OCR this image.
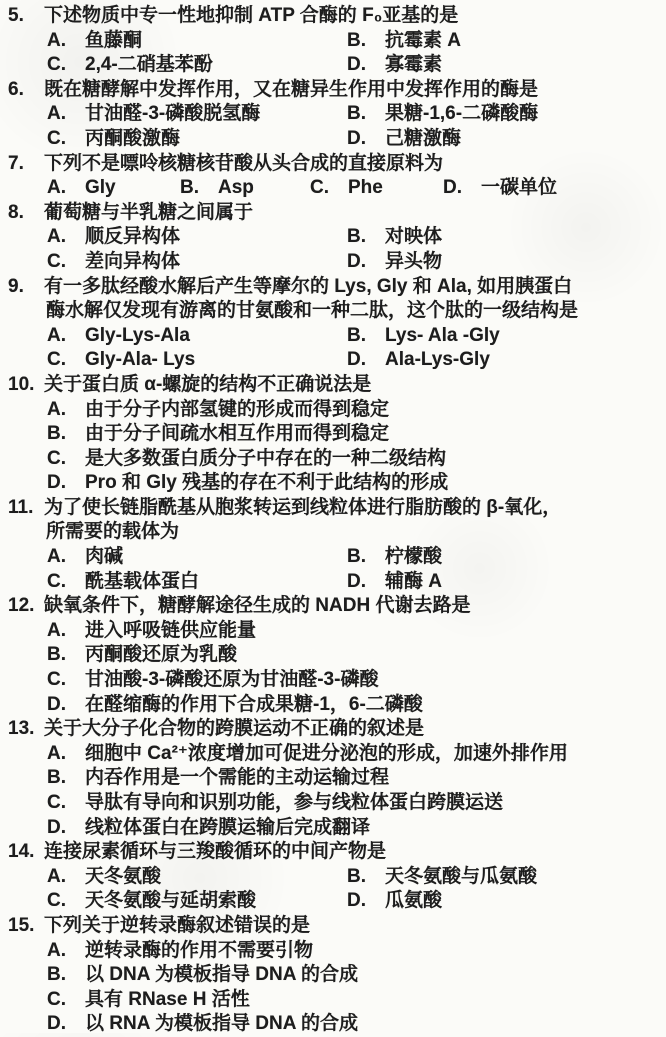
5.	下述物质中专一性地抑制 ATP 合酶的 F₀亚基的是
A.	鱼藤酮	B.	抗霉素 A
C.	2,4-二硝基苯酚	D.	寡霉素
6.	既在糖酵解中发挥作用，又在糖异生作用中发挥作用的酶是
A.	甘油醛-3-磷酸脱氢酶	B.	果糖-1,6-二磷酸酶
C.	丙酮酸激酶	D.	己糖激酶
7.	下列不是嘌呤核糖核苷酸从头合成的直接原料为
A.	Gly	B.	Asp	C.	Phe	D.	一碳单位
8.	葡萄糖与半乳糖之间属于
A.	顺反异构体	B.	对映体
C.	差向异构体	D.	异头物
9.	有一多肽经酸水解后产生等摩尔的 Lys, Gly 和 Ala, 如用胰蛋白
酶水解仅发现有游离的甘氨酸和一种二肽，这个肽的一级结构是
A.	Gly-Lys-Ala	B.	Lys- Ala -Gly
C.	Gly-Ala- Lys	D.	Ala-Lys-Gly
10. 关于蛋白质 α-螺旋的结构不正确说法是
A.	由于分子内部氢键的形成而得到稳定
B.	由于分子间疏水相互作用而得到稳定
C.	是大多数蛋白质分子中存在的一种二级结构
D.	Pro 和 Gly 残基的存在不利于此结构的形成
11. 为了使长链脂酰基从胞浆转运到线粒体进行脂肪酸的 β-氧化，
所需要的载体为
A.	肉碱	B.	柠檬酸
C.	酰基载体蛋白	D.	辅酶 A
12. 缺氧条件下，糖酵解途径生成的 NADH 代谢去路是
A.	进入呼吸链供应能量
B.	丙酮酸还原为乳酸
C.	甘油酸-3-磷酸还原为甘油醛-3-磷酸
D.	在醛缩酶的作用下合成果糖-1，6-二磷酸
13. 关于大分子化合物的跨膜运动不正确的叙述是
A.	细胞中 Ca²⁺浓度增加可促进分泌泡的形成，加速外排作用
B.	内吞作用是一个需能的主动运输过程
C.	导肽有导向和识别功能，参与线粒体蛋白跨膜运送
D.	线粒体蛋白在跨膜运输后完成翻译
14. 连接尿素循环与三羧酸循环的中间产物是
A.	天冬氨酸	B.	天冬氨酸与瓜氨酸
C.	天冬氨酸与延胡索酸	D.	瓜氨酸
15. 下列关于逆转录酶叙述错误的是
A.	逆转录酶的作用不需要引物
B.	以 DNA 为模板指导 DNA 的合成
C.	具有 RNase H 活性
D.	以 RNA 为模板指导 DNA 的合成
